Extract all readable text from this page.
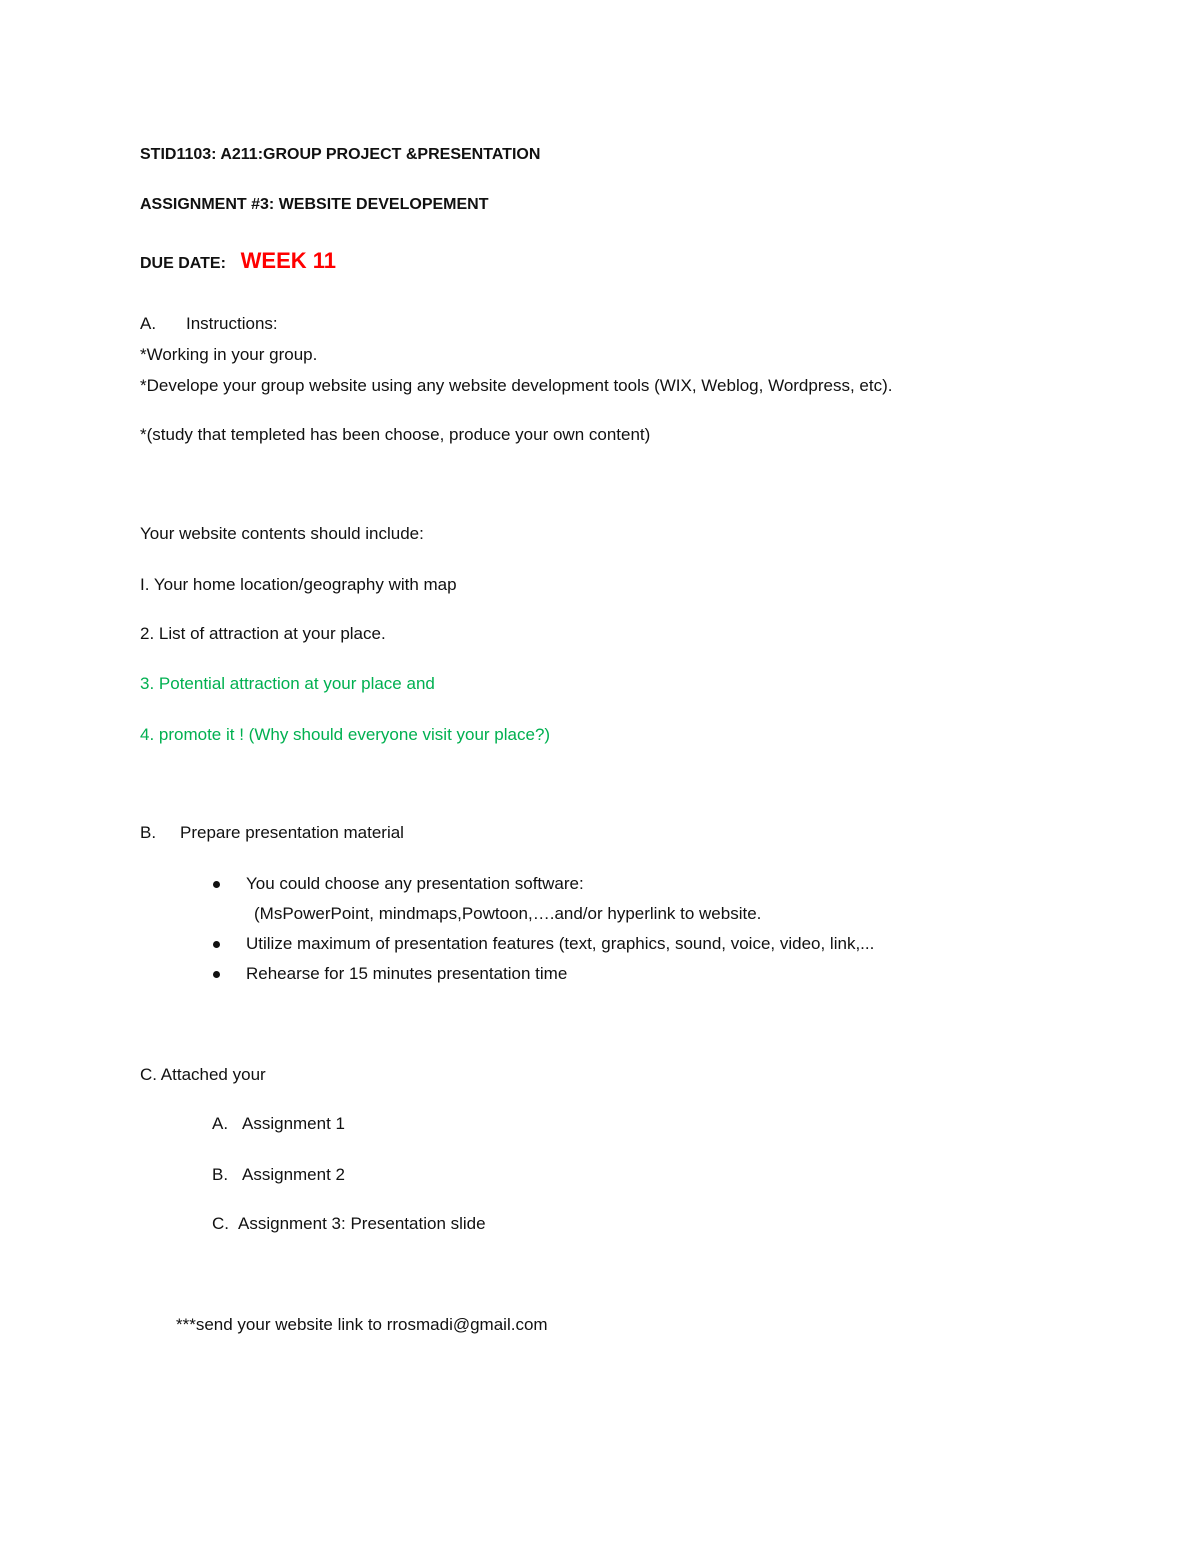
STID1103: A211:GROUP PROJECT &PRESENTATION
ASSIGNMENT #3: WEBSITE DEVELOPEMENT
DUE DATE: WEEK 11
A. Instructions:
*Working in your group.
*Develope your group website using any website development tools (WIX, Weblog, Wordpress, etc).
*(study that templeted has been choose, produce your own content)
Your website contents should include:
I. Your home location/geography with map
2. List of attraction at your place.
3. Potential attraction at your place and
4. promote it ! (Why should everyone visit your place?)
B. Prepare presentation material
You could choose any presentation software:
(MsPowerPoint, mindmaps,Powtoon,….and/or hyperlink to website.
Utilize maximum of presentation features (text, graphics, sound, voice, video, link,...
Rehearse for 15 minutes presentation time
C. Attached your
A. Assignment 1
B. Assignment 2
C. Assignment 3: Presentation slide
***send your website link to rrosmadi@gmail.com
